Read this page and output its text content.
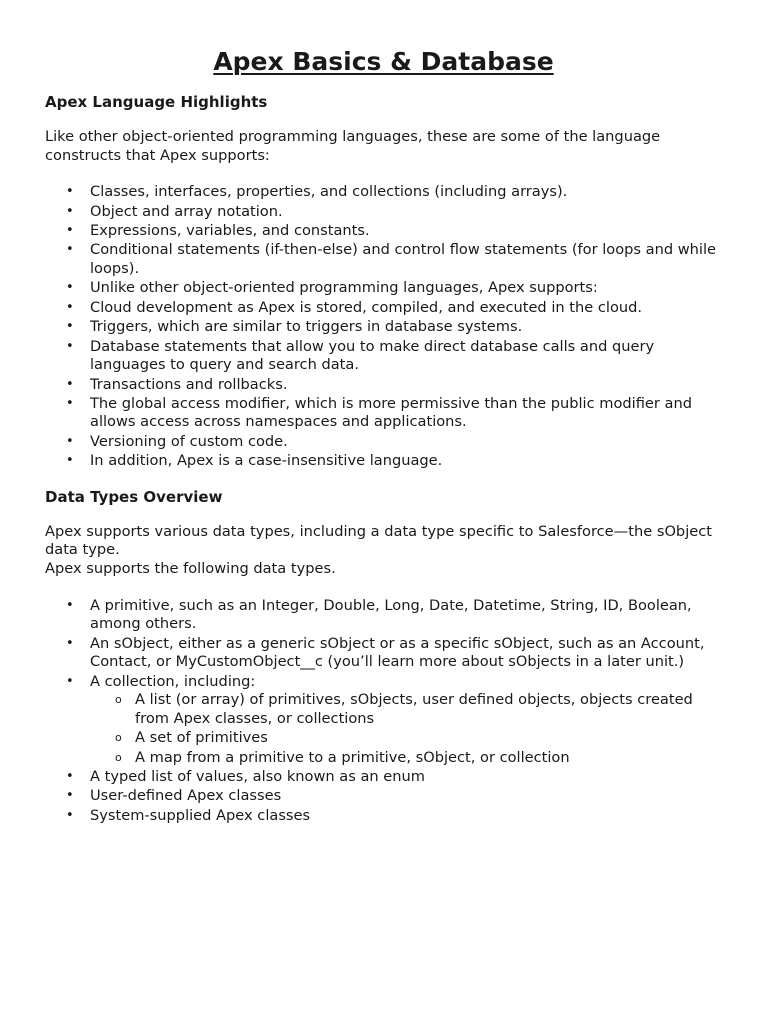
Apex Basics & Database
Apex Language Highlights

Like other object-oriented programming languages, these are some of the language constructs that Apex supports:

• Classes, interfaces, properties, and collections (including arrays).
• Object and array notation.
• Expressions, variables, and constants.
• Conditional statements (if-then-else) and control flow statements (for loops and while loops).
• Unlike other object-oriented programming languages, Apex supports:
• Cloud development as Apex is stored, compiled, and executed in the cloud.
• Triggers, which are similar to triggers in database systems.
• Database statements that allow you to make direct database calls and query languages to query and search data.
• Transactions and rollbacks.
• The global access modifier, which is more permissive than the public modifier and allows access across namespaces and applications.
• Versioning of custom code.
• In addition, Apex is a case-insensitive language.
Data Types Overview

Apex supports various data types, including a data type specific to Salesforce—the sObject data type.

Apex supports the following data types.

• A primitive, such as an Integer, Double, Long, Date, Datetime, String, ID, Boolean, among others.
• An sObject, either as a generic sObject or as a specific sObject, such as an Account, Contact, or MyCustomObject__c (you’ll learn more about sObjects in a later unit.)
• A collection, including:
o A list (or array) of primitives, sObjects, user defined objects, objects created from Apex classes, or collections
o A set of primitives
o A map from a primitive to a primitive, sObject, or collection
• A typed list of values, also known as an enum
• User-defined Apex classes
• System-supplied Apex classes
